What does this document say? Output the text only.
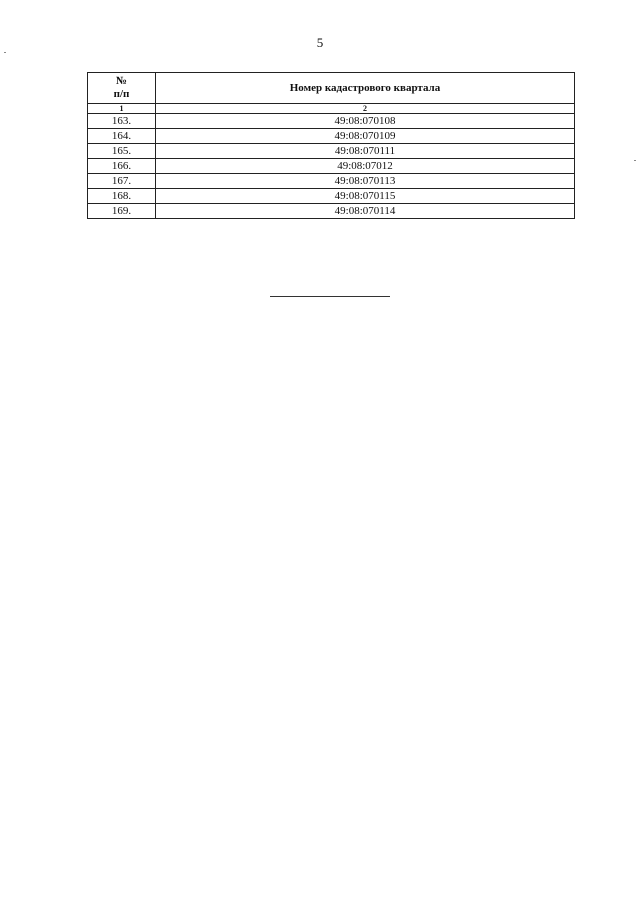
5
№
п/п	Номер кадастрового квартала
1	2
163.	49:08:070108
164.	49:08:070109
165.	49:08:070111
166.	49:08:07012
167.	49:08:070113
168.	49:08:070115
169.	49:08:070114
